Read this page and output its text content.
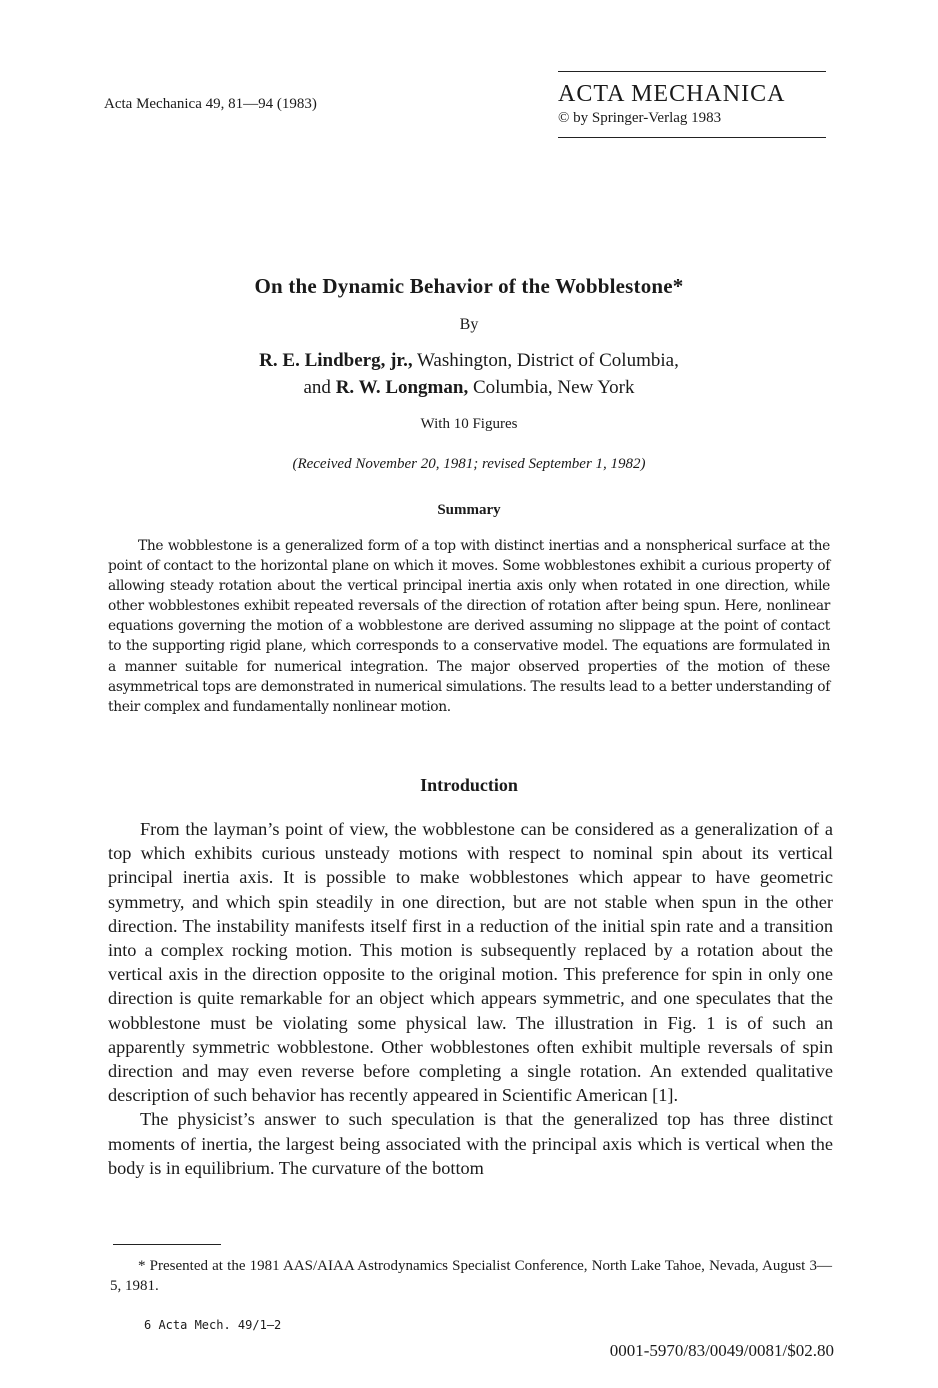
Acta Mechanica 49, 81—94 (1983)	ACTA MECHANICA
© by Springer-Verlag 1983
On the Dynamic Behavior of the Wobblestone*
By
R. E. Lindberg, jr., Washington, District of Columbia,
and R. W. Longman, Columbia, New York
With 10 Figures
(Received November 20, 1981; revised September 1, 1982)
Summary
The wobblestone is a generalized form of a top with distinct inertias and a nonspherical surface at the point of contact to the horizontal plane on which it moves. Some wobblestones exhibit a curious property of allowing steady rotation about the vertical principal inertia axis only when rotated in one direction, while other wobblestones exhibit repeated reversals of the direction of rotation after being spun. Here, nonlinear equations governing the motion of a wobblestone are derived assuming no slippage at the point of contact to the supporting rigid plane, which corresponds to a conservative model. The equations are formulated in a manner suitable for numerical integration. The major observed properties of the motion of these asymmetrical tops are demonstrated in numerical simulations. The results lead to a better understanding of their complex and fundamentally nonlinear motion.
Introduction

From the layman’s point of view, the wobblestone can be considered as a generalization of a top which exhibits curious unsteady motions with respect to nominal spin about its vertical principal inertia axis. It is possible to make wobblestones which appear to have geometric symmetry, and which spin steadily in one direction, but are not stable when spun in the other direction. The instability manifests itself first in a reduction of the initial spin rate and a transition into a complex rocking motion. This motion is subsequently replaced by a rotation about the vertical axis in the direction opposite to the original motion. This preference for spin in only one direction is quite remarkable for an object which appears symmetric, and one speculates that the wobblestone must be violating some physical law. The illustration in Fig. 1 is of such an apparently symmetric wobblestone. Other wobblestones often exhibit multiple reversals of spin direction and may even reverse before completing a single rotation. An extended qualitative description of such behavior has recently appeared in Scientific American [1].

The physicist’s answer to such speculation is that the generalized top has three distinct moments of inertia, the largest being associated with the principal axis which is vertical when the body is in equilibrium. The curvature of the bottom

* Presented at the 1981 AAS/AIAA Astrodynamics Specialist Conference, North Lake Tahoe, Nevada, August 3—5, 1981.
6 Acta Mech. 49/1—2
0001-5970/83/0049/0081/$02.80
